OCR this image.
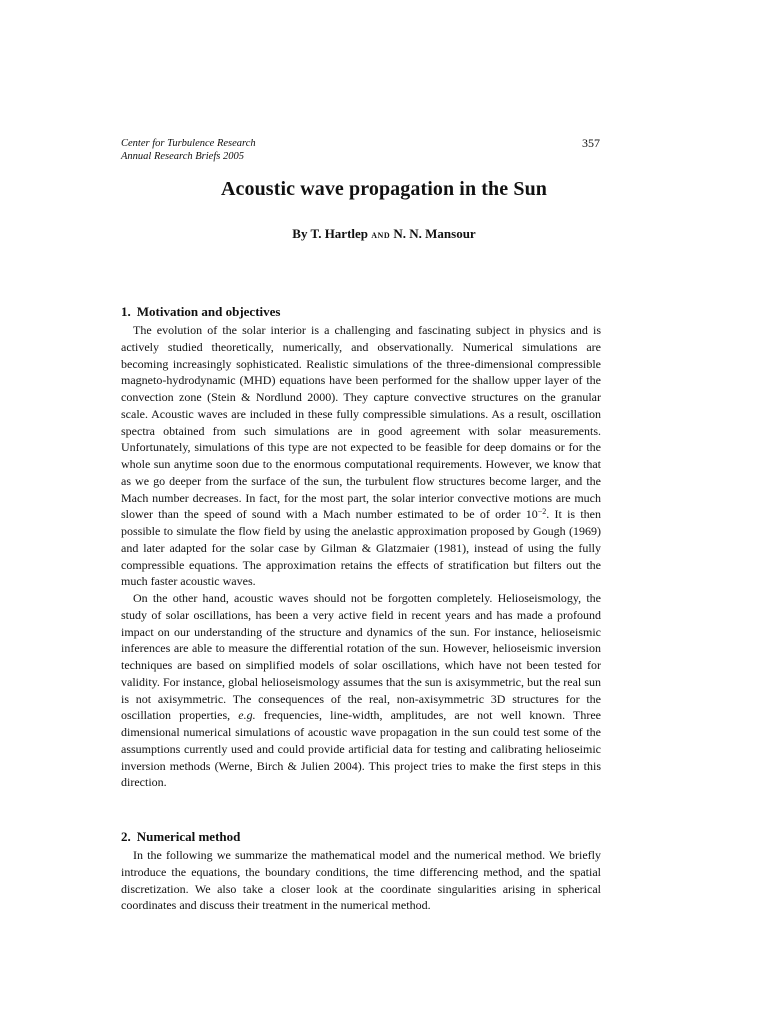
Center for Turbulence Research
Annual Research Briefs 2005
357
Acoustic wave propagation in the Sun
By T. Hartlep and N. N. Mansour
1. Motivation and objectives

The evolution of the solar interior is a challenging and fascinating subject in physics and is actively studied theoretically, numerically, and observationally. Numerical simulations are becoming increasingly sophisticated. Realistic simulations of the three-dimensional compressible magneto-hydrodynamic (MHD) equations have been performed for the shallow upper layer of the convection zone (Stein & Nordlund 2000). They capture convective structures on the granular scale. Acoustic waves are included in these fully compressible simulations. As a result, oscillation spectra obtained from such simulations are in good agreement with solar measurements. Unfortunately, simulations of this type are not expected to be feasible for deep domains or for the whole sun anytime soon due to the enormous computational requirements. However, we know that as we go deeper from the surface of the sun, the turbulent flow structures become larger, and the Mach number decreases. In fact, for the most part, the solar interior convective motions are much slower than the speed of sound with a Mach number estimated to be of order $10^{-2}$. It is then possible to simulate the flow field by using the anelastic approximation proposed by Gough (1969) and later adapted for the solar case by Gilman & Glatzmaier (1981), instead of using the fully compressible equations. The approximation retains the effects of stratification but filters out the much faster acoustic waves.

On the other hand, acoustic waves should not be forgotten completely. Helioseismology, the study of solar oscillations, has been a very active field in recent years and has made a profound impact on our understanding of the structure and dynamics of the sun. For instance, helioseismic inferences are able to measure the differential rotation of the sun. However, helioseismic inversion techniques are based on simplified models of solar oscillations, which have not been tested for validity. For instance, global helioseismology assumes that the sun is axisymmetric, but the real sun is not axisymmetric. The consequences of the real, non-axisymmetric 3D structures for the oscillation properties, e.g. frequencies, line-width, amplitudes, are not well known. Three dimensional numerical simulations of acoustic wave propagation in the sun could test some of the assumptions currently used and could provide artificial data for testing and calibrating helioseimic inversion methods (Werne, Birch & Julien 2004). This project tries to make the first steps in this direction.

2. Numerical method

In the following we summarize the mathematical model and the numerical method. We briefly introduce the equations, the boundary conditions, the time differencing method, and the spatial discretization. We also take a closer look at the coordinate singularities arising in spherical coordinates and discuss their treatment in the numerical method.
